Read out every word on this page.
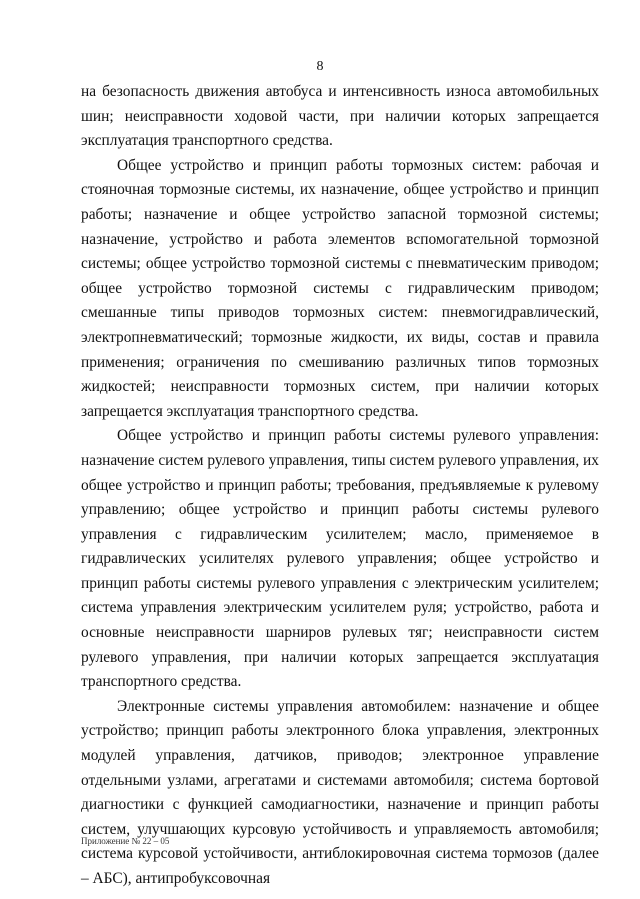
8

на безопасность движения автобуса и интенсивность износа автомобильных шин; неисправности ходовой части, при наличии которых запрещается эксплуатация транспортного средства.

Общее устройство и принцип работы тормозных систем: рабочая и стояночная тормозные системы, их назначение, общее устройство и принцип работы; назначение и общее устройство запасной тормозной системы; назначение, устройство и работа элементов вспомогательной тормозной системы; общее устройство тормозной системы с пневматическим приводом; общее устройство тормозной системы с гидравлическим приводом; смешанные типы приводов тормозных систем: пневмогидравлический, электропневматический; тормозные жидкости, их виды, состав и правила применения; ограничения по смешиванию различных типов тормозных жидкостей; неисправности тормозных систем, при наличии которых запрещается эксплуатация транспортного средства.

Общее устройство и принцип работы системы рулевого управления: назначение систем рулевого управления, типы систем рулевого управления, их общее устройство и принцип работы; требования, предъявляемые к рулевому управлению; общее устройство и принцип работы системы рулевого управления с гидравлическим усилителем; масло, применяемое в гидравлических усилителях рулевого управления; общее устройство и принцип работы системы рулевого управления с электрическим усилителем; система управления электрическим усилителем руля; устройство, работа и основные неисправности шарниров рулевых тяг; неисправности систем рулевого управления, при наличии которых запрещается эксплуатация транспортного средства.

Электронные системы управления автомобилем: назначение и общее устройство; принцип работы электронного блока управления, электронных модулей управления, датчиков, приводов; электронное управление отдельными узлами, агрегатами и системами автомобиля; система бортовой диагностики с функцией самодиагностики, назначение и принцип работы систем, улучшающих курсовую устойчивость и управляемость автомобиля; система курсовой устойчивости, антиблокировочная система тормозов (далее – АБС), антипробуксовочная

Приложение № 22 – 05
